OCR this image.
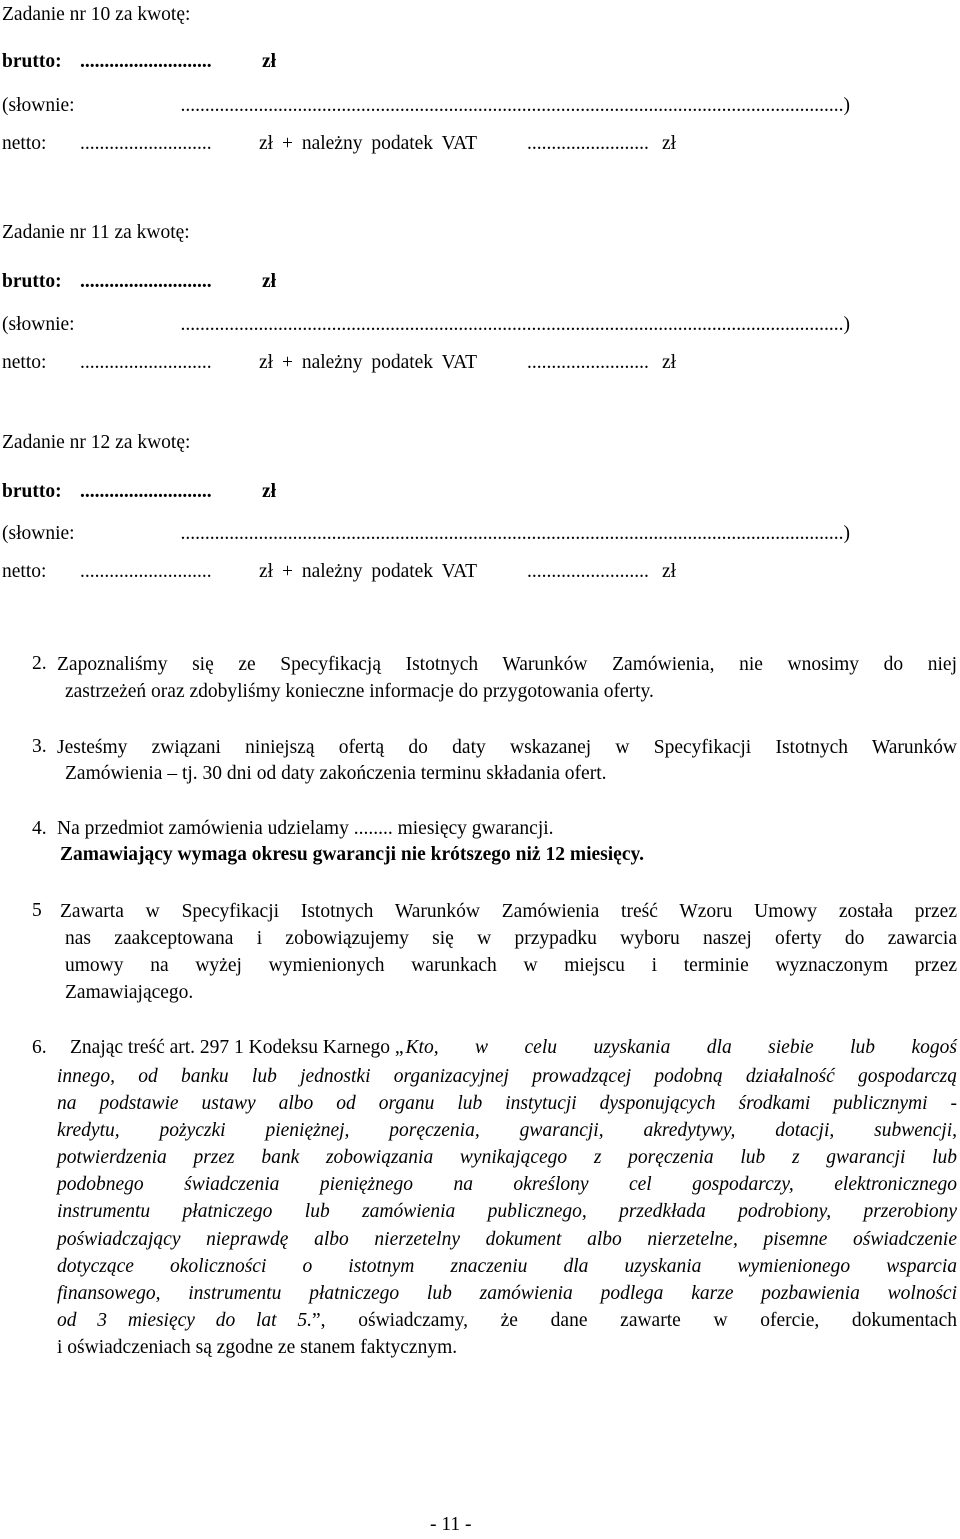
Zadanie nr 10 za kwotę:
brutto: ...........................	zł
(słownie:	........................................................................................................................................)
netto: ........................... zł + należny podatek VAT	......................... zł
Zadanie nr 11 za kwotę:
brutto: ...........................	zł
(słownie:	........................................................................................................................................)
netto: ........................... zł + należny podatek VAT	......................... zł
Zadanie nr 12 za kwotę:
brutto: ...........................	zł
(słownie:	........................................................................................................................................)
netto: ........................... zł + należny podatek VAT	......................... zł
2. Zapoznaliśmy się ze Specyfikacją Istotnych Warunków Zamówienia, nie wnosimy do niej
zastrzeżeń oraz zdobyliśmy konieczne informacje do przygotowania oferty.
3. Jesteśmy związani niniejszą ofertą do daty wskazanej w Specyfikacji Istotnych Warunków
Zamówienia – tj. 30 dni od daty zakończenia terminu składania ofert.
4. Na przedmiot zamówienia udzielamy ........ miesięcy gwarancji.
Zamawiający wymaga okresu gwarancji nie krótszego niż 12 miesięcy.
5 Zawarta w Specyfikacji Istotnych Warunków Zamówienia treść Wzoru Umowy została przez
nas zaakceptowana i zobowiązujemy się w przypadku wyboru naszej oferty do zawarcia
umowy na wyżej wymienionych warunkach w miejscu i terminie wyznaczonym przez
Zamawiającego.
6. Znając treść art. 297 1 Kodeksu Karnego „ Kto, w celu uzyskania dla siebie lub kogoś
innego, od banku lub jednostki organizacyjnej prowadzącej podobną działalność gospodarczą
na podstawie ustawy albo od organu lub instytucji dysponujących środkami publicznymi -
kredytu, pożyczki pieniężnej, poręczenia, gwarancji, akredytywy, dotacji, subwencji,
potwierdzenia przez bank zobowiązania wynikającego z poręczenia lub z gwarancji lub
podobnego świadczenia pieniężnego na określony cel gospodarczy, elektronicznego
instrumentu płatniczego lub zamówienia publicznego, przedkłada podrobiony, przerobiony
poświadczający nieprawdę albo nierzetelny dokument albo nierzetelne, pisemne oświadczenie
dotyczące okoliczności o istotnym znaczeniu dla uzyskania wymienionego wsparcia
finansowego, instrumentu płatniczego lub zamówienia podlega karze pozbawienia wolności
od 3 miesięcy do lat 5. ”, oświadczamy, że dane zawarte w ofercie, dokumentach
i oświadczeniach są zgodne ze stanem faktycznym.
- 11 -
